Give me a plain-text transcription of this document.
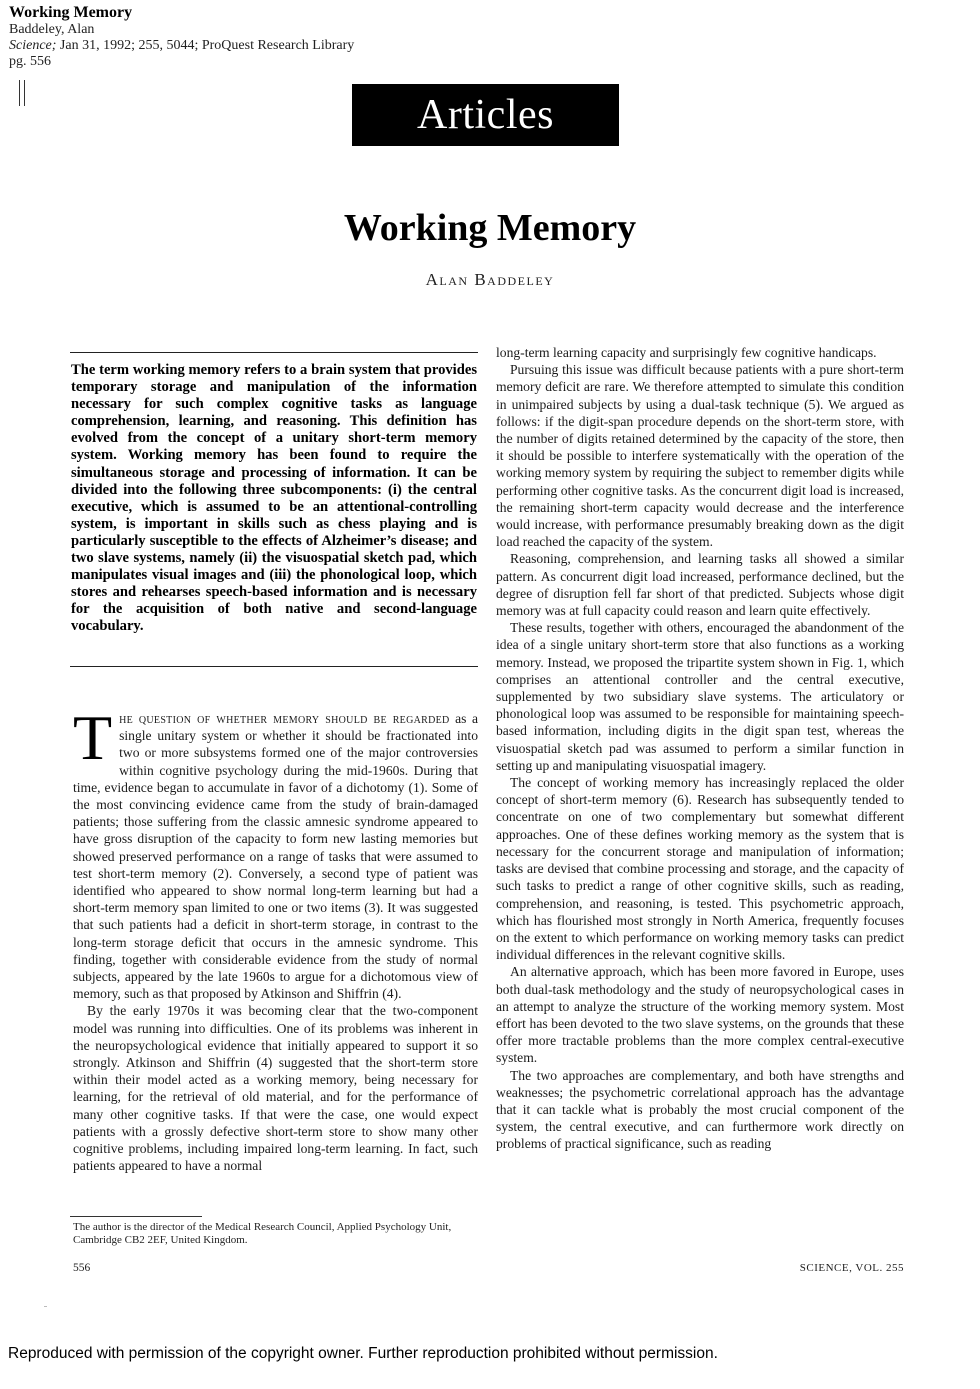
Working Memory
Baddeley, Alan
Science; Jan 31, 1992; 255, 5044; ProQuest Research Library
pg. 556
Articles
Working Memory
Alan Baddeley
The term working memory refers to a brain system that provides temporary storage and manipulation of the information necessary for such complex cognitive tasks as language comprehension, learning, and reasoning. This definition has evolved from the concept of a unitary short-term memory system. Working memory has been found to require the simultaneous storage and processing of information. It can be divided into the following three subcomponents: (i) the central executive, which is assumed to be an attentional-controlling system, is important in skills such as chess playing and is particularly susceptible to the effects of Alzheimer’s disease; and two slave systems, namely (ii) the visuospatial sketch pad, which manipulates visual images and (iii) the phonological loop, which stores and rehearses speech-based information and is necessary for the acquisition of both native and second-language vocabulary.

The question of whether memory should be regarded as a single unitary system or whether it should be fractionated into two or more subsystems formed one of the major controversies within cognitive psychology during the mid-1960s. During that time, evidence began to accumulate in favor of a dichotomy (1). Some of the most convincing evidence came from the study of brain-damaged patients; those suffering from the classic amnesic syndrome appeared to have gross disruption of the capacity to form new lasting memories but showed preserved performance on a range of tasks that were assumed to test short-term memory (2). Conversely, a second type of patient was identified who appeared to show normal long-term learning but had a short-term memory span limited to one or two items (3). It was suggested that such patients had a deficit in short-term storage, in contrast to the long-term storage deficit that occurs in the amnesic syndrome. This finding, together with considerable evidence from the study of normal subjects, appeared by the late 1960s to argue for a dichotomous view of memory, such as that proposed by Atkinson and Shiffrin (4).

By the early 1970s it was becoming clear that the two-component model was running into difficulties. One of its problems was inherent in the neuropsychological evidence that initially appeared to support it so strongly. Atkinson and Shiffrin (4) suggested that the short-term store within their model acted as a working memory, being necessary for learning, for the retrieval of old material, and for the performance of many other cognitive tasks. If that were the case, one would expect patients with a grossly defective short-term store to show many other cognitive problems, including impaired long-term learning. In fact, such patients appeared to have a normal

The author is the director of the Medical Research Council, Applied Psychology Unit, Cambridge CB2 2EF, United Kingdom.

long-term learning capacity and surprisingly few cognitive handicaps.

Pursuing this issue was difficult because patients with a pure short-term memory deficit are rare. We therefore attempted to simulate this condition in unimpaired subjects by using a dual-task technique (5). We argued as follows: if the digit-span procedure depends on the short-term store, with the number of digits retained determined by the capacity of the store, then it should be possible to interfere systematically with the operation of the working memory system by requiring the subject to remember digits while performing other cognitive tasks. As the concurrent digit load is increased, the remaining short-term capacity would decrease and the interference would increase, with performance presumably breaking down as the digit load reached the capacity of the system.

Reasoning, comprehension, and learning tasks all showed a similar pattern. As concurrent digit load increased, performance declined, but the degree of disruption fell far short of that predicted. Subjects whose digit memory was at full capacity could reason and learn quite effectively.

These results, together with others, encouraged the abandonment of the idea of a single unitary short-term store that also functions as a working memory. Instead, we proposed the tripartite system shown in Fig. 1, which comprises an attentional controller and the central executive, supplemented by two subsidiary slave systems. The articulatory or phonological loop was assumed to be responsible for maintaining speech-based information, including digits in the digit span test, whereas the visuospatial sketch pad was assumed to perform a similar function in setting up and manipulating visuospatial imagery.

The concept of working memory has increasingly replaced the older concept of short-term memory (6). Research has subsequently tended to concentrate on one of two complementary but somewhat different approaches. One of these defines working memory as the system that is necessary for the concurrent storage and manipulation of information; tasks are devised that combine processing and storage, and the capacity of such tasks to predict a range of other cognitive skills, such as reading, comprehension, and reasoning, is tested. This psychometric approach, which has flourished most strongly in North America, frequently focuses on the extent to which performance on working memory tasks can predict individual differences in the relevant cognitive skills.

An alternative approach, which has been more favored in Europe, uses both dual-task methodology and the study of neuropsychological cases in an attempt to analyze the structure of the working memory system. Most effort has been devoted to the two slave systems, on the grounds that these offer more tractable problems than the more complex central-executive system.

The two approaches are complementary, and both have strengths and weaknesses; the psychometric correlational approach has the advantage that it can tackle what is probably the most crucial component of the system, the central executive, and can furthermore work directly on problems of practical significance, such as reading

556	SCIENCE, VOL. 255
Reproduced with permission of the copyright owner. Further reproduction prohibited without permission.
